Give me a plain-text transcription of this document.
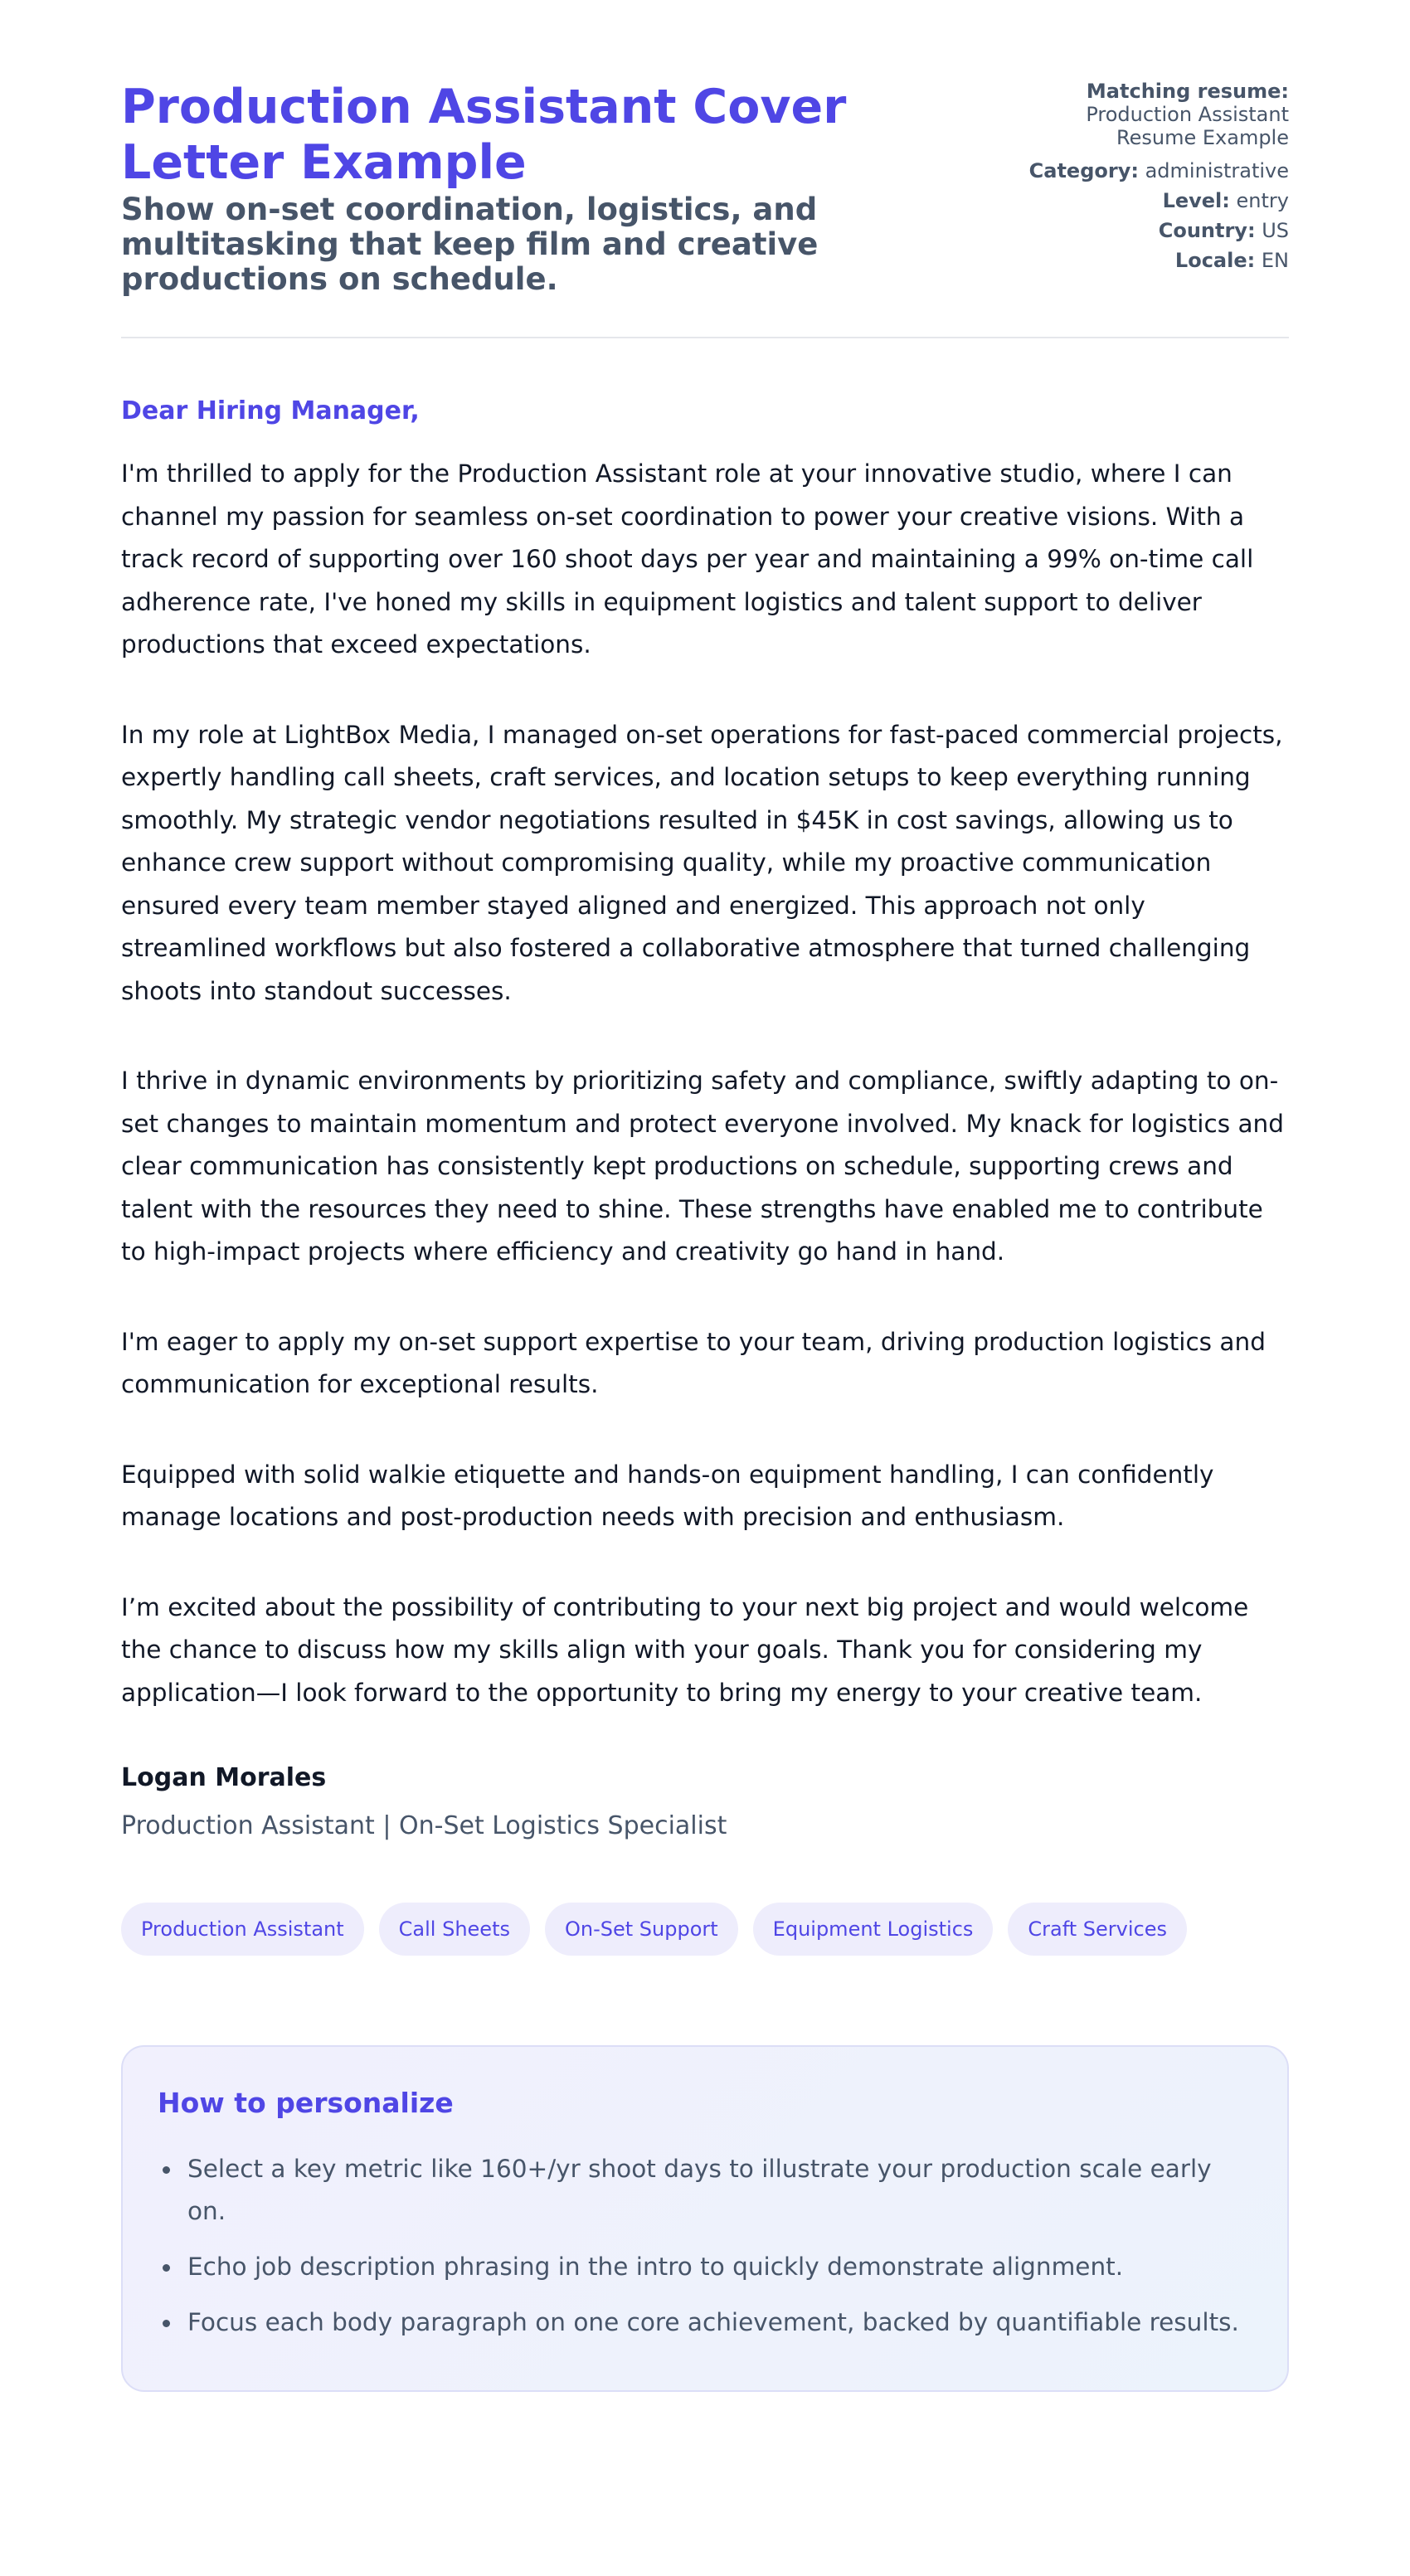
Production Assistant Cover Letter Example
Show on-set coordination, logistics, and multitasking that keep film and creative productions on schedule.
Matching resume:
Production Assistant Resume Example
Category: administrative
Level: entry
Country: US
Locale: EN

Dear Hiring Manager,

I'm thrilled to apply for the Production Assistant role at your innovative studio, where I can channel my passion for seamless on-set coordination to power your creative visions. With a track record of supporting over 160 shoot days per year and maintaining a 99% on-time call adherence rate, I've honed my skills in equipment logistics and talent support to deliver productions that exceed expectations.

In my role at LightBox Media, I managed on-set operations for fast-paced commercial projects, expertly handling call sheets, craft services, and location setups to keep everything running smoothly. My strategic vendor negotiations resulted in $45K in cost savings, allowing us to enhance crew support without compromising quality, while my proactive communication ensured every team member stayed aligned and energized. This approach not only streamlined workflows but also fostered a collaborative atmosphere that turned challenging shoots into standout successes.

I thrive in dynamic environments by prioritizing safety and compliance, swiftly adapting to on-set changes to maintain momentum and protect everyone involved. My knack for logistics and clear communication has consistently kept productions on schedule, supporting crews and talent with the resources they need to shine. These strengths have enabled me to contribute to high-impact projects where efficiency and creativity go hand in hand.

I'm eager to apply my on-set support expertise to your team, driving production logistics and communication for exceptional results.

Equipped with solid walkie etiquette and hands-on equipment handling, I can confidently manage locations and post-production needs with precision and enthusiasm.

I’m excited about the possibility of contributing to your next big project and would welcome the chance to discuss how my skills align with your goals. Thank you for considering my application—I look forward to the opportunity to bring my energy to your creative team.

Logan Morales

Production Assistant | On-Set Logistics Specialist

Production Assistant	Call Sheets	On-Set Support	Equipment Logistics	Craft Services
How to personalize
Select a key metric like 160+/yr shoot days to illustrate your production scale early on.
Echo job description phrasing in the intro to quickly demonstrate alignment.
Focus each body paragraph on one core achievement, backed by quantifiable results.
